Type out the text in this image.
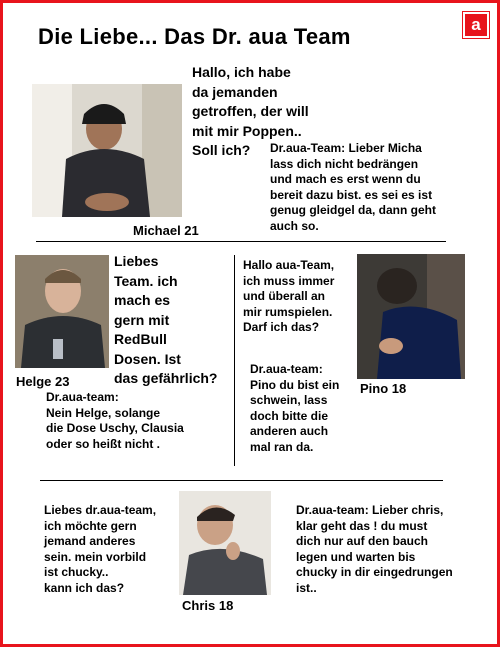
Die Liebe... Das Dr. aua Team	a
Hallo, ich habe
da jemanden
getroffen, der will
mit mir Poppen..
Soll ich?	Dr.aua-Team: Lieber Micha
lass dich nicht bedrängen
und mach es erst wenn du
bereit dazu bist. es sei es ist
genug gleidgel da, dann geht
auch so.
Michael 21
Liebes
Team. ich
mach es
gern mit
RedBull
Dosen. Ist
das gefährlich?
Helge 23
Dr.aua-team:
Nein Helge, solange
die Dose Uschy, Clausia
oder so heißt nicht .
Hallo aua-Team,
ich muss immer
und überall an
mir rumspielen.
Darf ich das?
Dr.aua-team:
Pino du bist ein
schwein, lass
doch bitte die
anderen auch
mal ran da.
Pino 18
Liebes dr.aua-team,
ich möchte gern
jemand anderes
sein. mein vorbild
ist chucky..
kann ich das?
Chris 18
Dr.aua-team: Lieber chris,
klar geht das ! du must
dich nur auf den bauch
legen und warten bis
chucky in dir eingedrungen
ist..
